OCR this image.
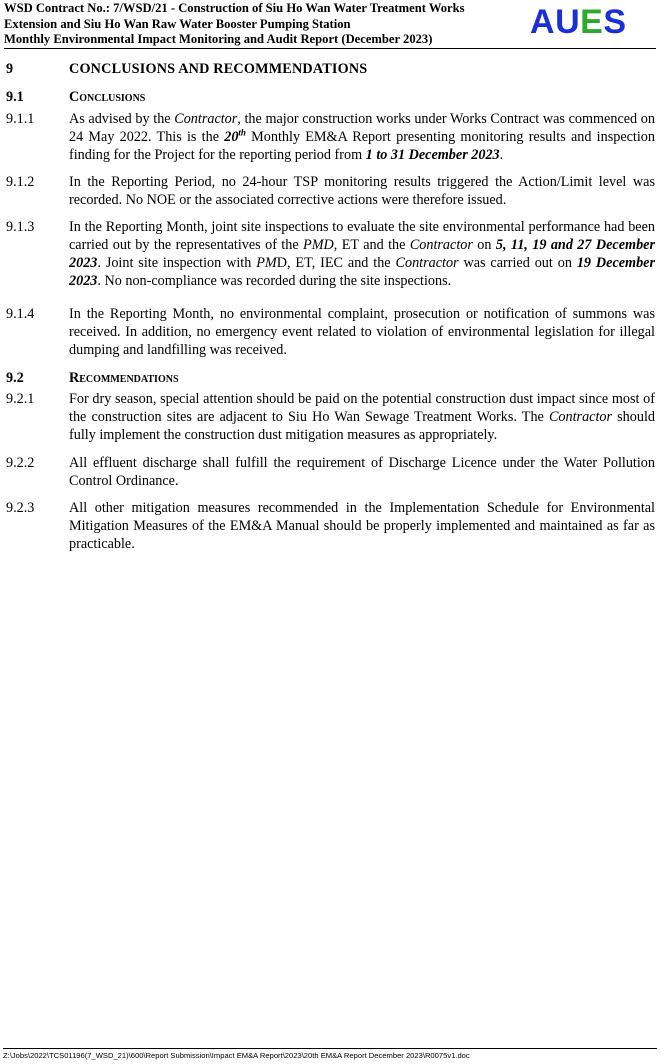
WSD Contract No.: 7/WSD/21 - Construction of Siu Ho Wan Water Treatment Works
Extension and Siu Ho Wan Raw Water Booster Pumping Station
Monthly Environmental Impact Monitoring and Audit Report (December 2023)	AUES
9	CONCLUSIONS AND RECOMMENDATIONS
9.1	Conclusions
9.1.1 As advised by the Contractor, the major construction works under Works Contract was commenced on 24 May 2022. This is the 20th Monthly EM&A Report presenting monitoring results and inspection finding for the Project for the reporting period from 1 to 31 December 2023.
9.1.2 In the Reporting Period, no 24-hour TSP monitoring results triggered the Action/Limit level was recorded. No NOE or the associated corrective actions were therefore issued.
9.1.3 In the Reporting Month, joint site inspections to evaluate the site environmental performance had been carried out by the representatives of the PMD, ET and the Contractor on 5, 11, 19 and 27 December 2023. Joint site inspection with PMD, ET, IEC and the Contractor was carried out on 19 December 2023. No non-compliance was recorded during the site inspections.
9.1.4 In the Reporting Month, no environmental complaint, prosecution or notification of summons was received. In addition, no emergency event related to violation of environmental legislation for illegal dumping and landfilling was received.
9.2	Recommendations
9.2.1 For dry season, special attention should be paid on the potential construction dust impact since most of the construction sites are adjacent to Siu Ho Wan Sewage Treatment Works. The Contractor should fully implement the construction dust mitigation measures as appropriately.
9.2.2 All effluent discharge shall fulfill the requirement of Discharge Licence under the Water Pollution Control Ordinance.
9.2.3 All other mitigation measures recommended in the Implementation Schedule for Environmental Mitigation Measures of the EM&A Manual should be properly implemented and maintained as far as practicable.
Z:\Jobs\2022\TCS01196(7_WSD_21)\600\Report Submission\Impact EM&A Report\2023\20th EM&A Report December 2023\R0075v1.doc
